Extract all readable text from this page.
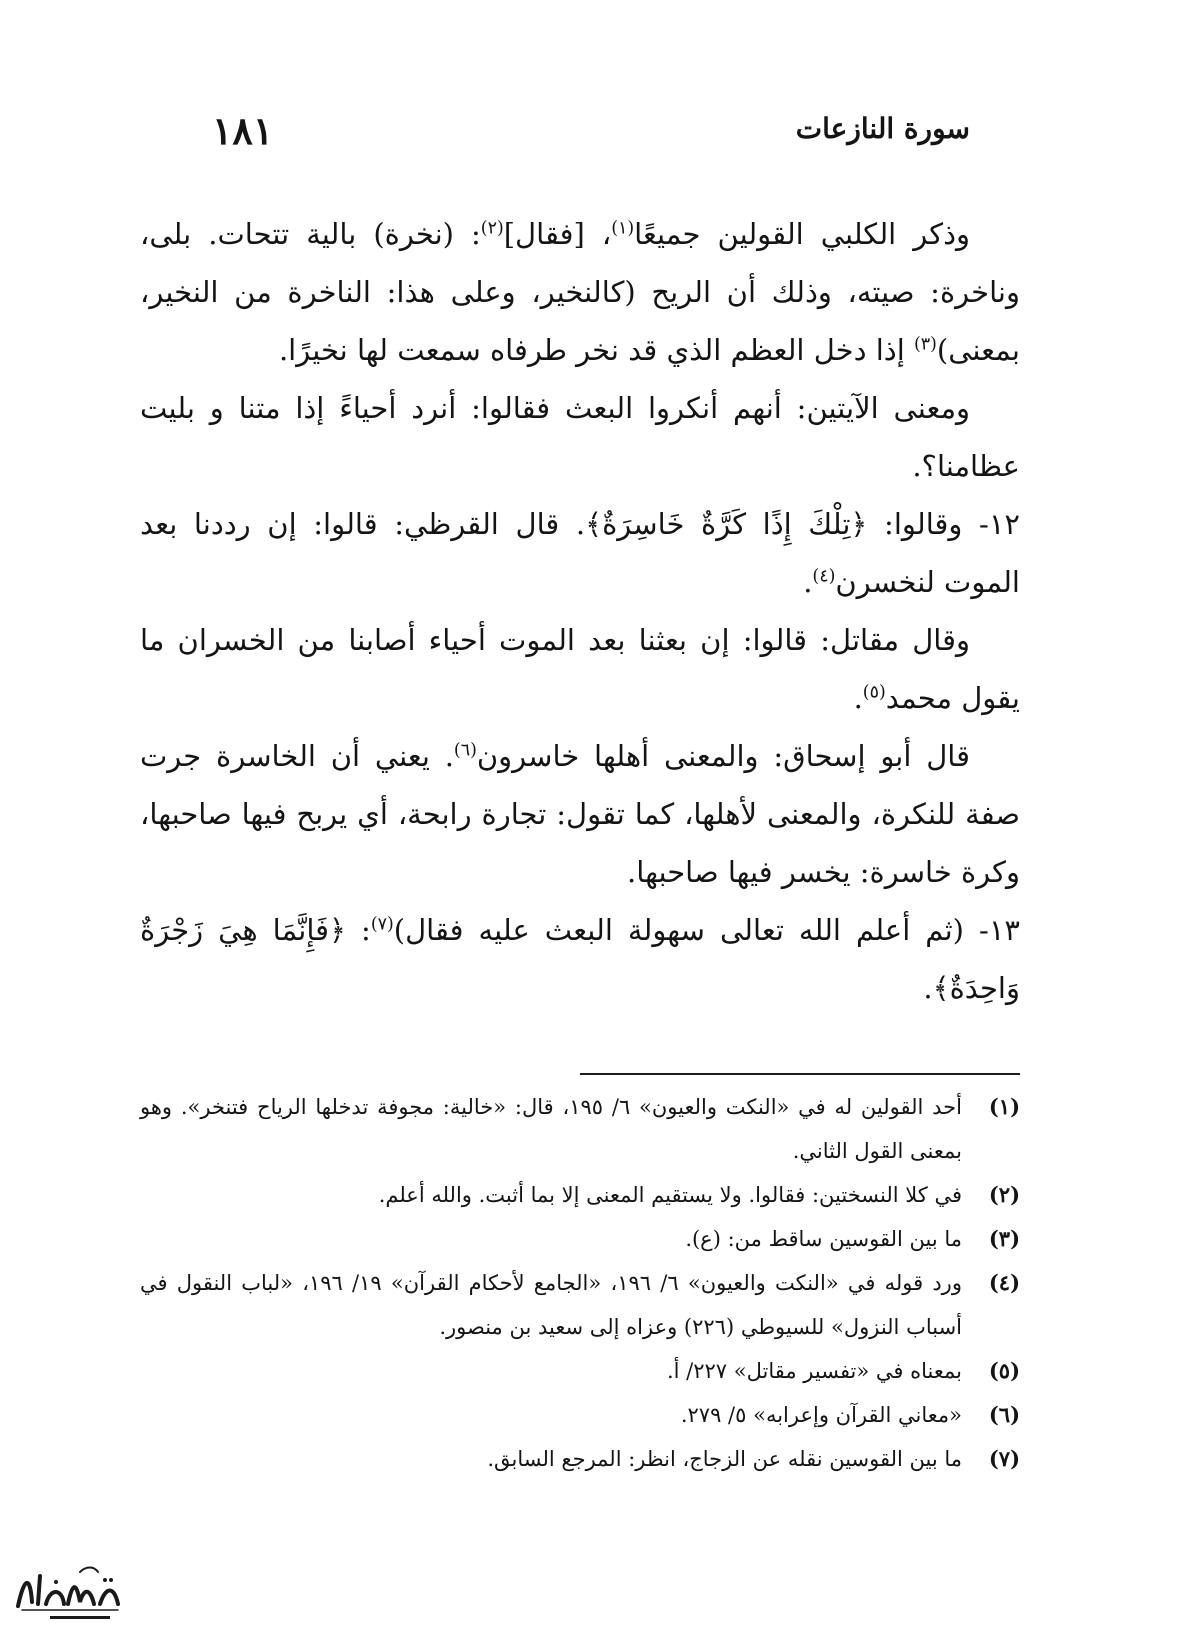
سورة النازعات
١٨١

وذكر الكلبي القولين جميعًا$^{(١)}$، [فقال]$^{(٢)}$: (نخرة) بالية تتحات. بلى، وناخرة: صيته، وذلك أن الريح (كالنخير، وعلى هذا: الناخرة من النخير، بمعنى)$^{(٣)}$ إذا دخل العظم الذي قد نخر طرفاه سمعت لها نخيرًا.

ومعنى الآيتين: أنهم أنكروا البعث فقالوا: أنرد أحياءً إذا متنا و بليت عظامنا؟.

١٢- وقالوا: ﴿تِلْكَ إِذًا كَرَّةٌ خَاسِرَةٌ﴾. قال القرظي: قالوا: إن رددنا بعد الموت لنخسرن$^{(٤)}$.

وقال مقاتل: قالوا: إن بعثنا بعد الموت أحياء أصابنا من الخسران ما يقول محمد$^{(٥)}$.

قال أبو إسحاق: والمعنى أهلها خاسرون$^{(٦)}$. يعني أن الخاسرة جرت صفة للنكرة، والمعنى لأهلها، كما تقول: تجارة رابحة، أي يربح فيها صاحبها، وكرة خاسرة: يخسر فيها صاحبها.

١٣- (ثم أعلم الله تعالى سهولة البعث عليه فقال)$^{(٧)}$: ﴿فَإِنَّمَا هِيَ زَجْرَةٌ وَاحِدَةٌ﴾.

(١)
أحد القولين له في «النكت والعيون» ٦/ ١٩٥، قال: «خالية: مجوفة تدخلها الرياح فتنخر». وهو بمعنى القول الثاني.
(٢)
في كلا النسختين: فقالوا. ولا يستقيم المعنى إلا بما أثبت. والله أعلم.
(٣)
ما بين القوسين ساقط من: (ع).
(٤)
ورد قوله في «النكت والعيون» ٦/ ١٩٦، «الجامع لأحكام القرآن» ١٩/ ١٩٦، «لباب النقول في أسباب النزول» للسيوطي (٢٢٦) وعزاه إلى سعيد بن منصور.
(٥)
بمعناه في «تفسير مقاتل» ٢٢٧/ أ.
(٦)
«معاني القرآن وإعرابه» ٥/ ٢٧٩.
(٧)
ما بين القوسين نقله عن الزجاج، انظر: المرجع السابق.
